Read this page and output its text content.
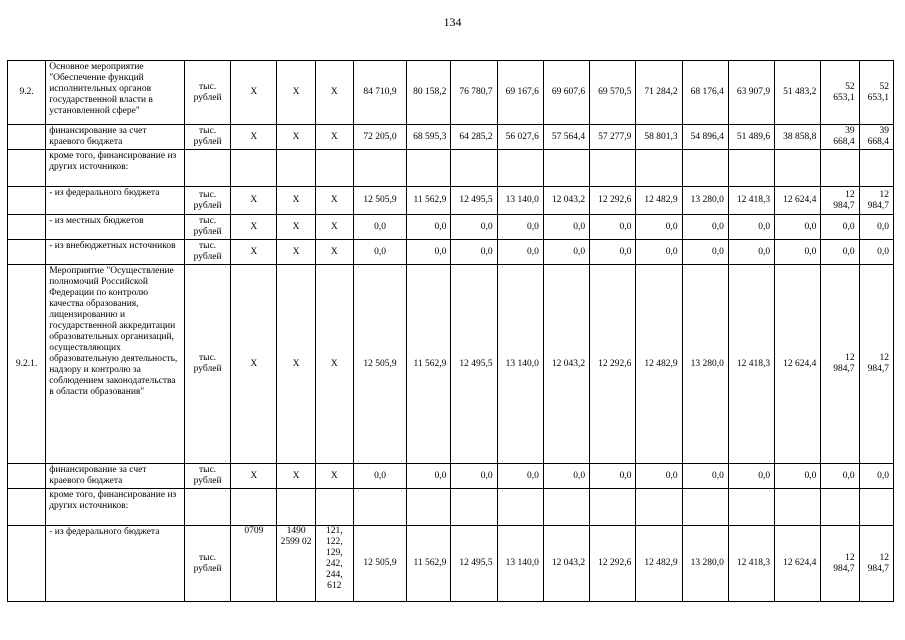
134
9.2.	Основное мероприятие "Обеспечение функций исполнительных органов государственной власти в установленной сфере"	тыс. рублей	Х	Х	Х	84 710,9	80 158,2	76 780,7	69 167,6	69 607,6	69 570,5	71 284,2	68 176,4	63 907,9	51 483,2	52 653,1	52 653,1
	финансирование за счет краевого бюджета	тыс. рублей	Х	Х	Х	72 205,0	68 595,3	64 285,2	56 027,6	57 564,4	57 277,9	58 801,3	54 896,4	51 489,6	38 858,8	39 668,4	39 668,4
	кроме того, финансирование из других источников:																
	- из федерального бюджета	тыс. рублей	Х	Х	Х	12 505,9	11 562,9	12 495,5	13 140,0	12 043,2	12 292,6	12 482,9	13 280,0	12 418,3	12 624,4	12 984,7	12 984,7
	- из местных бюджетов	тыс. рублей	Х	Х	Х	0,0	0,0	0,0	0,0	0,0	0,0	0,0	0,0	0,0	0,0	0,0	0,0
	- из внебюджетных источников	тыс. рублей	Х	Х	Х	0,0	0,0	0,0	0,0	0,0	0,0	0,0	0,0	0,0	0,0	0,0	0,0
9.2.1.	Мероприятие "Осуществление полномочий Российской Федерации по контролю качества образования, лицензированию и государственной аккредитации образовательных организаций, осуществляющих образовательную деятельность, надзору и контролю за соблюдением законодательства в области образования"	тыс. рублей	Х	Х	Х	12 505,9	11 562,9	12 495,5	13 140,0	12 043,2	12 292,6	12 482,9	13 280,0	12 418,3	12 624,4	12 984,7	12 984,7
	финансирование за счет краевого бюджета	тыс. рублей	Х	Х	Х	0,0	0,0	0,0	0,0	0,0	0,0	0,0	0,0	0,0	0,0	0,0	0,0
	кроме того, финансирование из других источников:																
	- из федерального бюджета	тыс. рублей	0709	1490 2599 02	121, 122, 129, 242, 244, 612	12 505,9	11 562,9	12 495,5	13 140,0	12 043,2	12 292,6	12 482,9	13 280,0	12 418,3	12 624,4	12 984,7	12 984,7
